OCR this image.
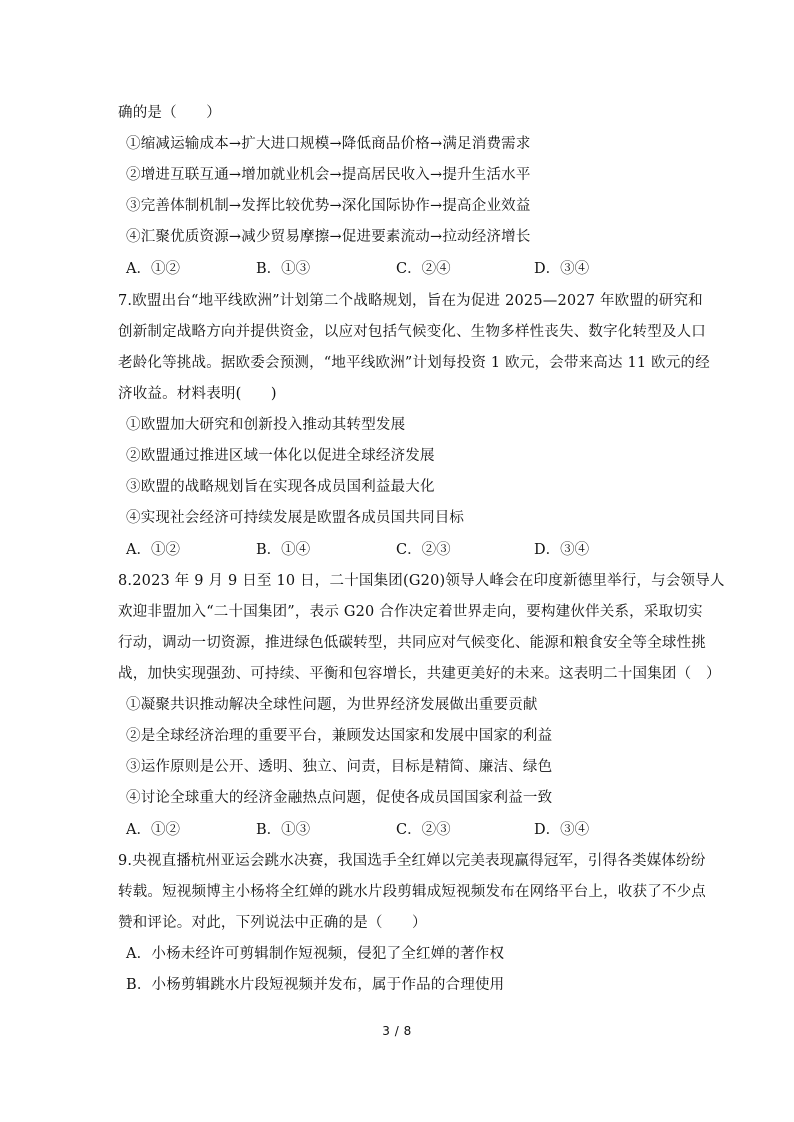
确的是（　　）
①缩减运输成本→扩大进口规模→降低商品价格→满足消费需求
②增进互联互通→增加就业机会→提高居民收入→提升生活水平
③完善体制机制→发挥比较优势→深化国际协作→提高企业效益
④汇聚优质资源→减少贸易摩擦→促进要素流动→拉动经济增长
A．①②	B．①③	C．②④	D．③④
7.欧盟出台“地平线欧洲”计划第二个战略规划，旨在为促进 2025—2027 年欧盟的研究和
创新制定战略方向并提供资金，以应对包括气候变化、生物多样性丧失、数字化转型及人口
老龄化等挑战。据欧委会预测，“地平线欧洲”计划每投资 1 欧元，会带来高达 11 欧元的经
济收益。材料表明(　　)
①欧盟加大研究和创新投入推动其转型发展
②欧盟通过推进区域一体化以促进全球经济发展
③欧盟的战略规划旨在实现各成员国利益最大化
④实现社会经济可持续发展是欧盟各成员国共同目标
A．①②	B．①④	C．②③	D．③④
8.2023 年 9 月 9 日至 10 日，二十国集团(G20)领导人峰会在印度新德里举行，与会领导人
欢迎非盟加入“二十国集团”，表示 G20 合作决定着世界走向，要构建伙伴关系，采取切实
行动，调动一切资源，推进绿色低碳转型，共同应对气候变化、能源和粮食安全等全球性挑
战，加快实现强劲、可持续、平衡和包容增长，共建更美好的未来。这表明二十国集团（　）
①凝聚共识推动解决全球性问题，为世界经济发展做出重要贡献
②是全球经济治理的重要平台，兼顾发达国家和发展中国家的利益
③运作原则是公开、透明、独立、问责，目标是精简、廉洁、绿色
④讨论全球重大的经济金融热点问题，促使各成员国国家利益一致
A．①②	B．①③	C．②③	D．③④
9.央视直播杭州亚运会跳水决赛，我国选手全红婵以完美表现赢得冠军，引得各类媒体纷纷
转载。短视频博主小杨将全红婵的跳水片段剪辑成短视频发布在网络平台上，收获了不少点
赞和评论。对此，下列说法中正确的是（　　）
A．小杨未经许可剪辑制作短视频，侵犯了全红婵的著作权
B．小杨剪辑跳水片段短视频并发布，属于作品的合理使用
3 / 8
